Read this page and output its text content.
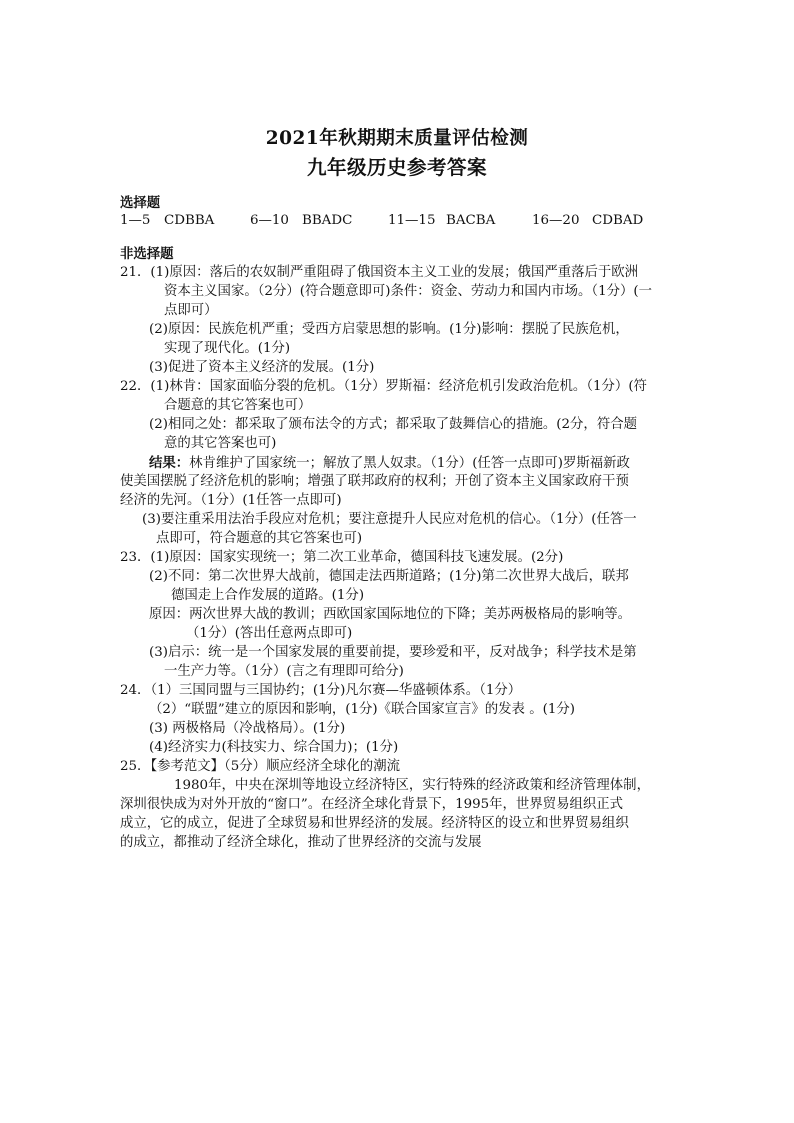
2021年秋期期末质量评估检测
九年级历史参考答案
选择题
1—5 CDBBA	6—10 BBADC	11—15 BACBA	16—20 CDBAD
非选择题
21．(1)原因：落后的农奴制严重阻碍了俄国资本主义工业的发展；俄国严重落后于欧洲
资本主义国家。（2分）(符合题意即可)条件：资金、劳动力和国内市场。（1分）(一
点即可）
(2)原因：民族危机严重；受西方启蒙思想的影响。(1分)影响：摆脱了民族危机，
实现了现代化。(1分)
(3)促进了资本主义经济的发展。(1分)
22．(1)林肯：国家面临分裂的危机。（1分）罗斯福：经济危机引发政治危机。（1分）(符
合题意的其它答案也可）
(2)相同之处：都采取了颁布法令的方式；都采取了鼓舞信心的措施。(2分，符合题
意的其它答案也可)
结果：林肯维护了国家统一；解放了黑人奴隶。（1分）(任答一点即可)罗斯福新政
使美国摆脱了经济危机的影响；增强了联邦政府的权利；开创了资本主义国家政府干预
经济的先河。（1分）(1任答一点即可)
(3)要注重采用法治手段应对危机；要注意提升人民应对危机的信心。（1分）(任答一
点即可，符合题意的其它答案也可)
23．(1)原因：国家实现统一；第二次工业革命，德国科技飞速发展。(2分)
(2)不同：第二次世界大战前，德国走法西斯道路；(1分)第二次世界大战后，联邦
德国走上合作发展的道路。(1分)
原因：两次世界大战的教训；西欧国家国际地位的下降；美苏两极格局的影响等。
（1分）(答出任意两点即可)
(3)启示：统一是一个国家发展的重要前提，要珍爱和平，反对战争；科学技术是第
一生产力等。（1分）(言之有理即可给分)
24．（1）三国同盟与三国协约；(1分)凡尔赛—华盛顿体系。（1分）
（2）“联盟”建立的原因和影响，(1分)《联合国家宣言》的发表 。(1分)
(3) 两极格局（冷战格局）。(1分)
(4)经济实力(科技实力、综合国力)；(1分)
25．【参考范文】（5分）顺应经济全球化的潮流
1980年，中央在深圳等地设立经济特区，实行特殊的经济政策和经济管理体制，
深圳很快成为对外开放的“窗口”。在经济全球化背景下，1995年，世界贸易组织正式
成立，它的成立，促进了全球贸易和世界经济的发展。经济特区的设立和世界贸易组织
的成立，都推动了经济全球化，推动了世界经济的交流与发展
